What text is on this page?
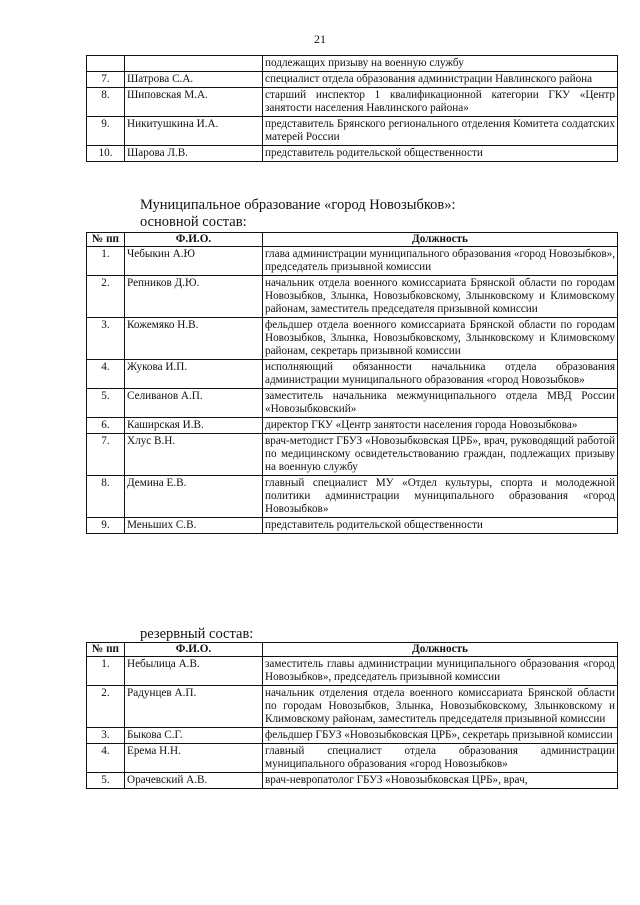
21
		подлежащих призыву на военную службу
7.	Шатрова С.А.	специалист отдела образования администрации Навлинского района
8.	Шиповская М.А.	старший инспектор 1 квалификационной категории ГКУ «Центр занятости населения Навлинского района»
9.	Никитушкина И.А.	представитель Брянского регионального отделения Комитета солдатских матерей России
10.	Шарова Л.В.	представитель родительской общественности
Муниципальное образование «город Новозыбков»:
основной состав:
№ пп	Ф.И.О.	Должность
1.	Чебыкин А.Ю	глава администрации муниципального образования «город Новозыбков», председатель призывной комиссии
2.	Репников Д.Ю.	начальник отдела военного комиссариата Брянской области по городам Новозыбков, Злынка, Новозыбковскому, Злынковскому и Климовскому районам, заместитель председателя призывной комиссии
3.	Кожемяко Н.В.	фельдшер отдела военного комиссариата Брянской области по городам Новозыбков, Злынка, Новозыбковскому, Злынковскому и Климовскому районам, секретарь призывной комиссии
4.	Жукова И.П.	исполняющий обязанности начальника отдела образования администрации муниципального образования «город Новозыбков»
5.	Селиванов А.П.	заместитель начальника межмуниципального отдела МВД России «Новозыбковский»
6.	Каширская И.В.	директор ГКУ «Центр занятости населения города Новозыбкова»
7.	Хлус В.Н.	врач-методист ГБУЗ «Новозыбковская ЦРБ», врач, руководящий работой по медицинскому освидетельствованию граждан, подлежащих призыву на военную службу
8.	Демина Е.В.	главный специалист МУ «Отдел культуры, спорта и молодежной политики администрации муниципального образования «город Новозыбков»
9.	Меньших С.В.	представитель родительской общественности
резервный состав:
№ пп	Ф.И.О.	Должность
1.	Небылица А.В.	заместитель главы администрации муниципального образования «город Новозыбков», председатель призывной комиссии
2.	Радунцев А.П.	начальник отделения отдела военного комиссариата Брянской области по городам Новозыбков, Злынка, Новозыбковскому, Злынковскому и Климовскому районам, заместитель председателя призывной комиссии
3.	Быкова С.Г.	фельдшер ГБУЗ «Новозыбковская ЦРБ», секретарь призывной комиссии
4.	Ерема Н.Н.	главный специалист отдела образования администрации муниципального образования «город Новозыбков»
5.	Орачевский А.В.	врач-невропатолог ГБУЗ «Новозыбковская ЦРБ», врач,
